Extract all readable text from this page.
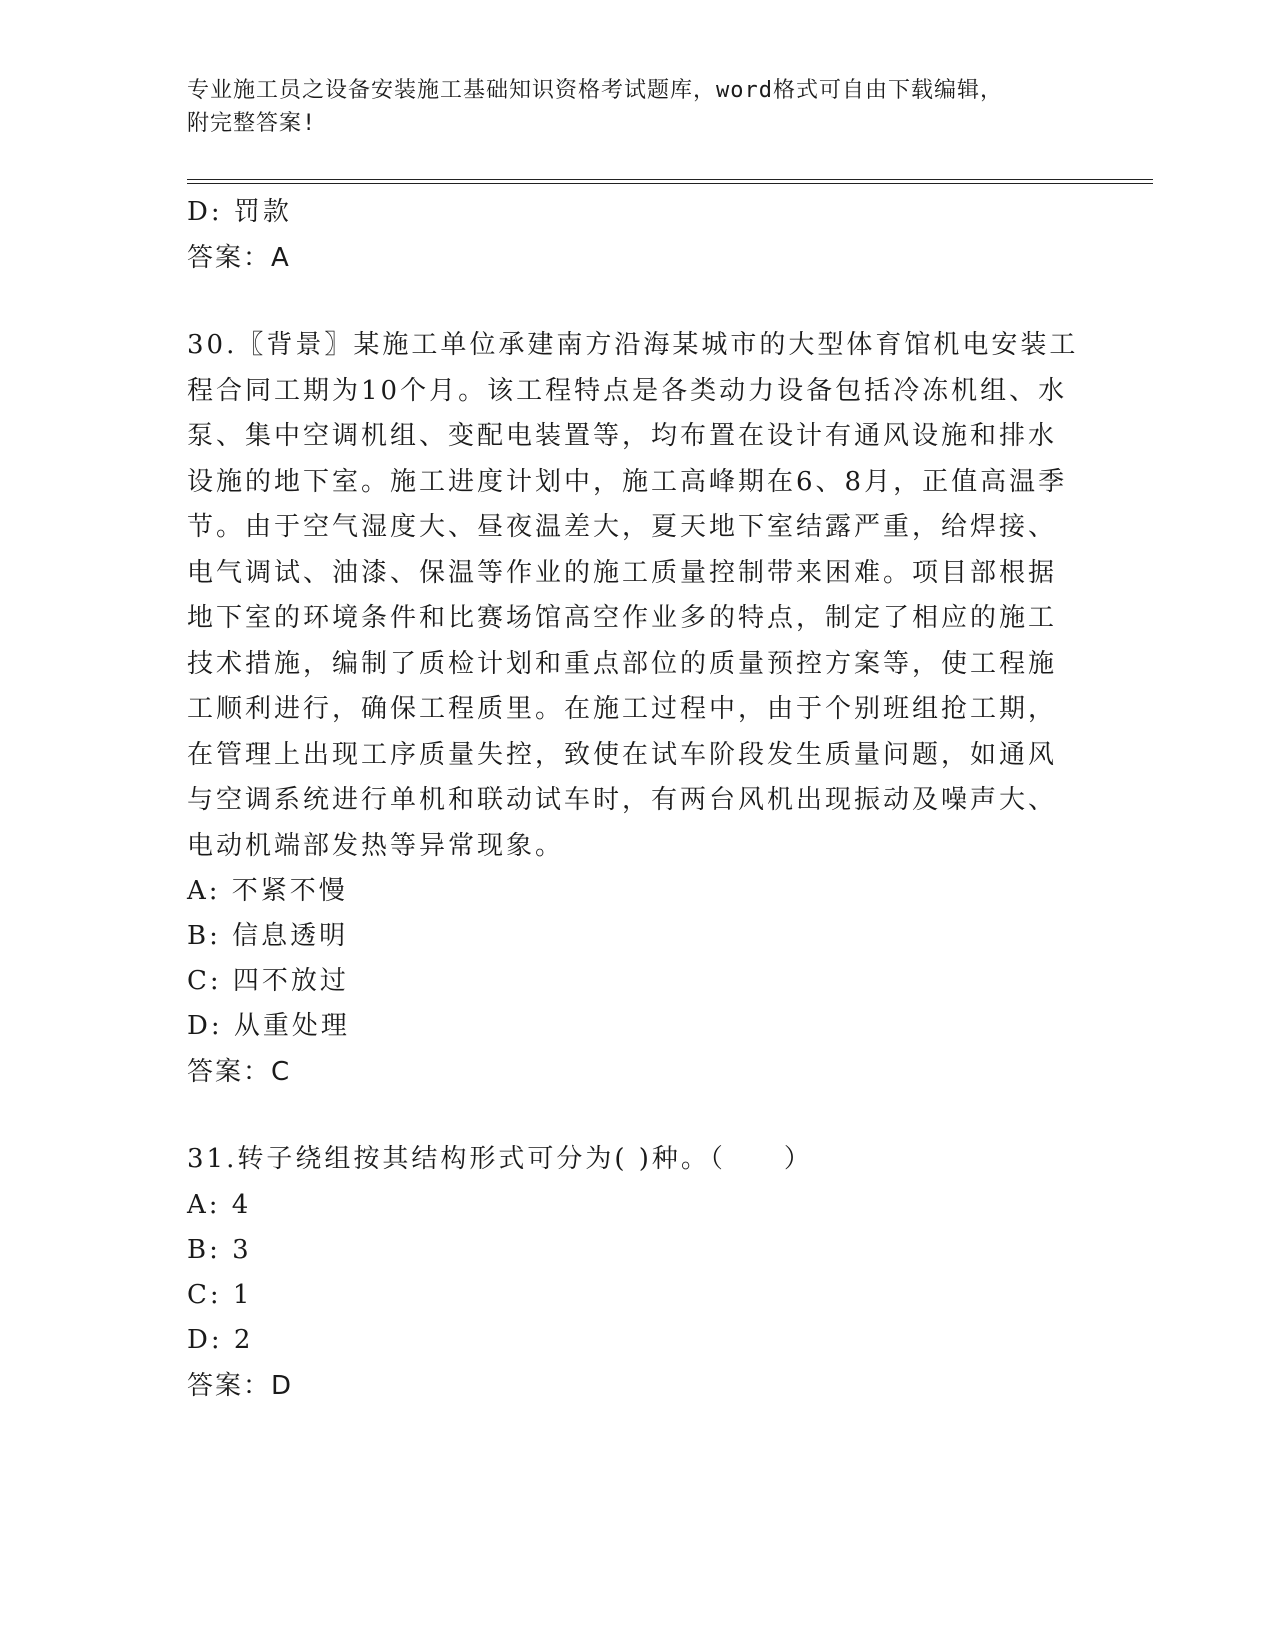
专业施工员之设备安装施工基础知识资格考试题库，word格式可自由下载编辑，
附完整答案!
D: 罚款
答案：A
30.〖背景〗某施工单位承建南方沿海某城市的大型体育馆机电安装工
程合同工期为10个月。该工程特点是各类动力设备包括冷冻机组、水
泵、集中空调机组、变配电装置等，均布置在设计有通风设施和排水
设施的地下室。施工进度计划中，施工高峰期在6、8月，正值高温季
节。由于空气湿度大、昼夜温差大，夏天地下室结露严重，给焊接、
电气调试、油漆、保温等作业的施工质量控制带来困难。项目部根据
地下室的环境条件和比赛场馆高空作业多的特点，制定了相应的施工
技术措施，编制了质检计划和重点部位的质量预控方案等，使工程施
工顺利进行，确保工程质里。在施工过程中，由于个别班组抢工期，
在管理上出现工序质量失控，致使在试车阶段发生质量问题，如通风
与空调系统进行单机和联动试车时，有两台风机出现振动及噪声大、
电动机端部发热等异常现象。
A: 不紧不慢
B: 信息透明
C: 四不放过
D: 从重处理
答案：C
31.转子绕组按其结构形式可分为( )种。（　　）
A: 4
B: 3
C: 1
D: 2
答案：D
